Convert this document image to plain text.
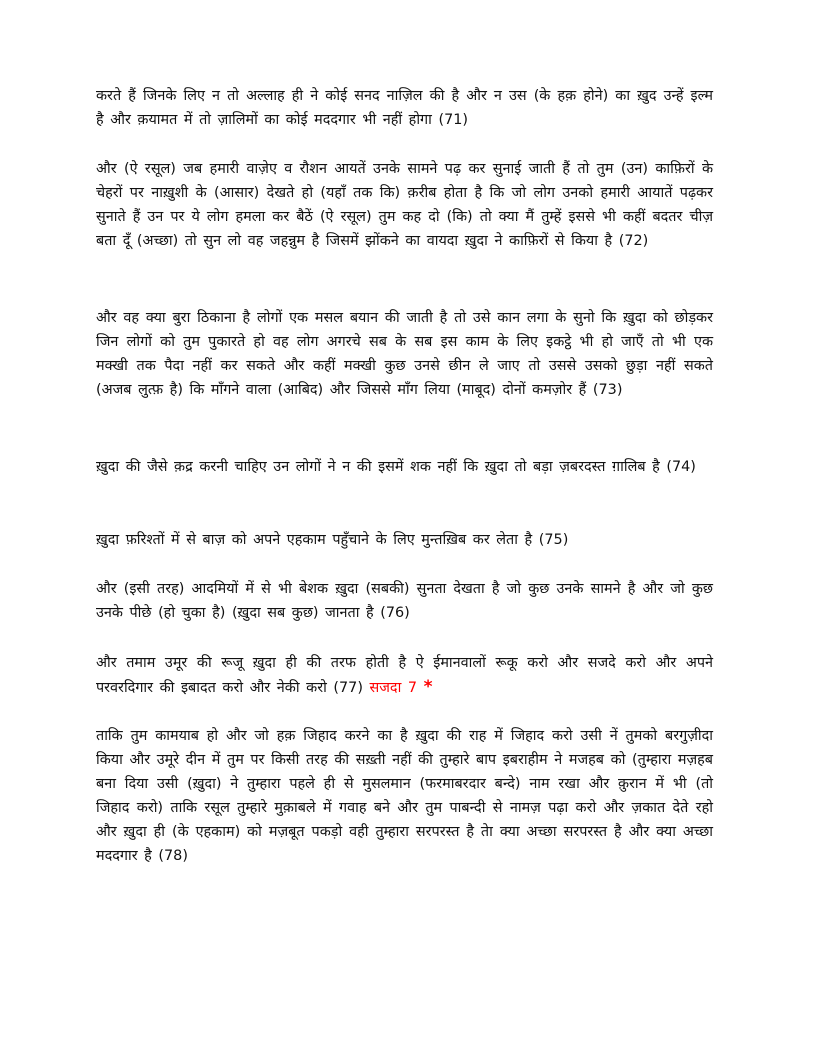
करते हैं जिनके लिए न तो अल्लाह ही ने कोई सनद नाज़िल की है और न उस (के हक़ होने) का ख़ुद उन्हें इल्म है और क़यामत में तो ज़ालिमों का कोई मददगार भी नहीं होगा (71)

और (ऐ रसूल) जब हमारी वाज़ेए व रौशन आयतें उनके सामने पढ़ कर सुनाई जाती हैं तो तुम (उन) काफ़िरों के चेहरों पर नाख़ुशी के (आसार) देखते हो (यहाँ तक कि) क़रीब होता है कि जो लोग उनको हमारी आयातें पढ़कर सुनाते हैं उन पर ये लोग हमला कर बैठें (ऐ रसूल) तुम कह दो (कि) तो क्या मैं तुम्हें इससे भी कहीं बदतर चीज़ बता दूँ (अच्छा) तो सुन लो वह जहन्नुम है जिसमें झोंकने का वायदा ख़ुदा ने काफ़िरों से किया है (72)

और वह क्या बुरा ठिकाना है लोगों एक मसल बयान की जाती है तो उसे कान लगा के सुनो कि ख़ुदा को छोड़कर जिन लोगों को तुम पुकारते हो वह लोग अगरचे सब के सब इस काम के लिए इकट्ठे भी हो जाएँ तो भी एक मक्खी तक पैदा नहीं कर सकते और कहीं मक्खी कुछ उनसे छीन ले जाए तो उससे उसको छुड़ा नहीं सकते (अजब लुत्फ़ है) कि माँगने वाला (आबिद) और जिससे माँग लिया (माबूद) दोनों कमज़ोर हैं (73)

ख़ुदा की जैसे क़द्र करनी चाहिए उन लोगों ने न की इसमें शक नहीं कि ख़ुदा तो बड़ा ज़बरदस्त ग़ालिब है (74)

ख़ुदा फ़रिश्तों में से बाज़ को अपने एहकाम पहुँचाने के लिए मुन्तख़िब कर लेता है (75)

और (इसी तरह) आदमियों में से भी बेशक ख़ुदा (सबकी) सुनता देखता है जो कुछ उनके सामने है और जो कुछ उनके पीछे (हो चुका है) (ख़ुदा सब कुछ) जानता है (76)

और तमाम उमूर की रूजू ख़ुदा ही की तरफ होती है ऐ ईमानवालों रूकू करो और सजदे करो और अपने परवरदिगार की इबादत करो और नेकी करो (77) सजदा 7 *

ताकि तुम कामयाब हो और जो हक़ जिहाद करने का है ख़ुदा की राह में जिहाद करो उसी नें तुमको बरगुज़ीदा किया और उमूरे दीन में तुम पर किसी तरह की सख़्ती नहीं की तुम्हारे बाप इबराहीम ने मजहब को (तुम्हारा मज़हब बना दिया उसी (ख़ुदा) ने तुम्हारा पहले ही से मुसलमान (फरमाबरदार बन्दे) नाम रखा और क़ुरान में भी (तो जिहाद करो) ताकि रसूल तुम्हारे मुक़ाबले में गवाह बने और तुम पाबन्दी से नामज़ पढ़ा करो और ज़कात देते रहो और ख़ुदा ही (के एहकाम) को मज़बूत पकड़ो वही तुम्हारा सरपरस्त है तेा क्या अच्छा सरपरस्त है और क्या अच्छा मददगार है (78)
